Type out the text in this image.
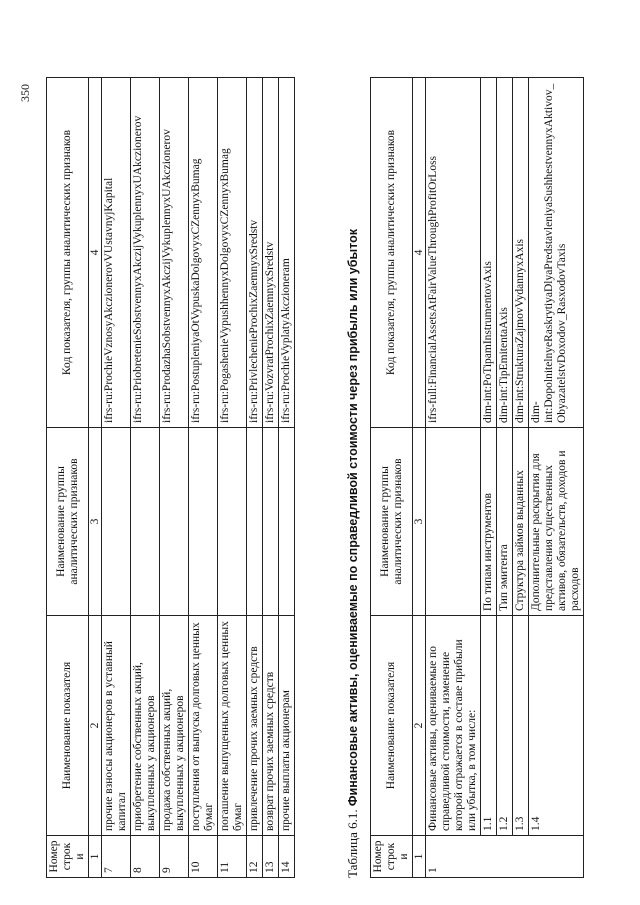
350
Номер строки	Наименование показателя	Наименование группы аналитических признаков	Код показателя, группы аналитических признаков
1	2	3	4
7	прочие взносы акционеров в уставный капитал		ifrs-ru:ProchieVznosyAkczionerovVUstavnyjKapital
8	приобретение собственных акций, выкупленных у акционеров		ifrs-ru:PriobretenieSobstvennyxAkczijVykuplennyxUAkczionerov
9	продажа собственных акций, выкупленных у акционеров		ifrs-ru:ProdazhaSobstvennyxAkczijVykuplennyxUAkczionerov
10	поступления от выпуска долговых ценных бумаг		ifrs-ru:PostupleniyaOtVypuskaDolgovyxCZennyxBumag
11	погашение выпущенных долговых ценных бумаг		ifrs-ru:PogashenieVypushhennyxDolgovyxCZennyxBumag
12	привлечение прочих заемных средств		ifrs-ru:PrivlechenieProchixZaemnyxSredstv
13	возврат прочих заемных средств		ifrs-ru:VozvratProchixZaemnyxSredstv
14	прочие выплаты акционерам		ifrs-ru:ProchieVyplatyAkczioneram
Таблица 6.1. Финансовые активы, оцениваемые по справедливой стоимости через прибыль или убыток
Номер строки	Наименование показателя	Наименование группы аналитических признаков	Код показателя, группы аналитических признаков
1	2	3	4
1	Финансовые активы, оцениваемые по справедливой стоимости, изменение которой отражается в составе прибыли или убытка, в том числе:		ifrs-full:FinancialAssetsAtFairValueThroughProfitOrLoss
	1.1	По типам инструментов	dim-int:PoTipamInstrumentovAxis
	1.2	Тип эмитента	dim-int:TipEmitentaAxis
	1.3	Структура займов выданных	dim-int:StrukturaZajmovVydannyxAxis
	1.4	Дополнительные раскрытия для представления существенных активов, обязательств, доходов и расходов	dim-int:DopolnitelnyeRaskrytiyaDlyaPredstavleniyaSushhestvennyxAktivov_ObyazatelstvDoxodov_RasxodovTaxis
